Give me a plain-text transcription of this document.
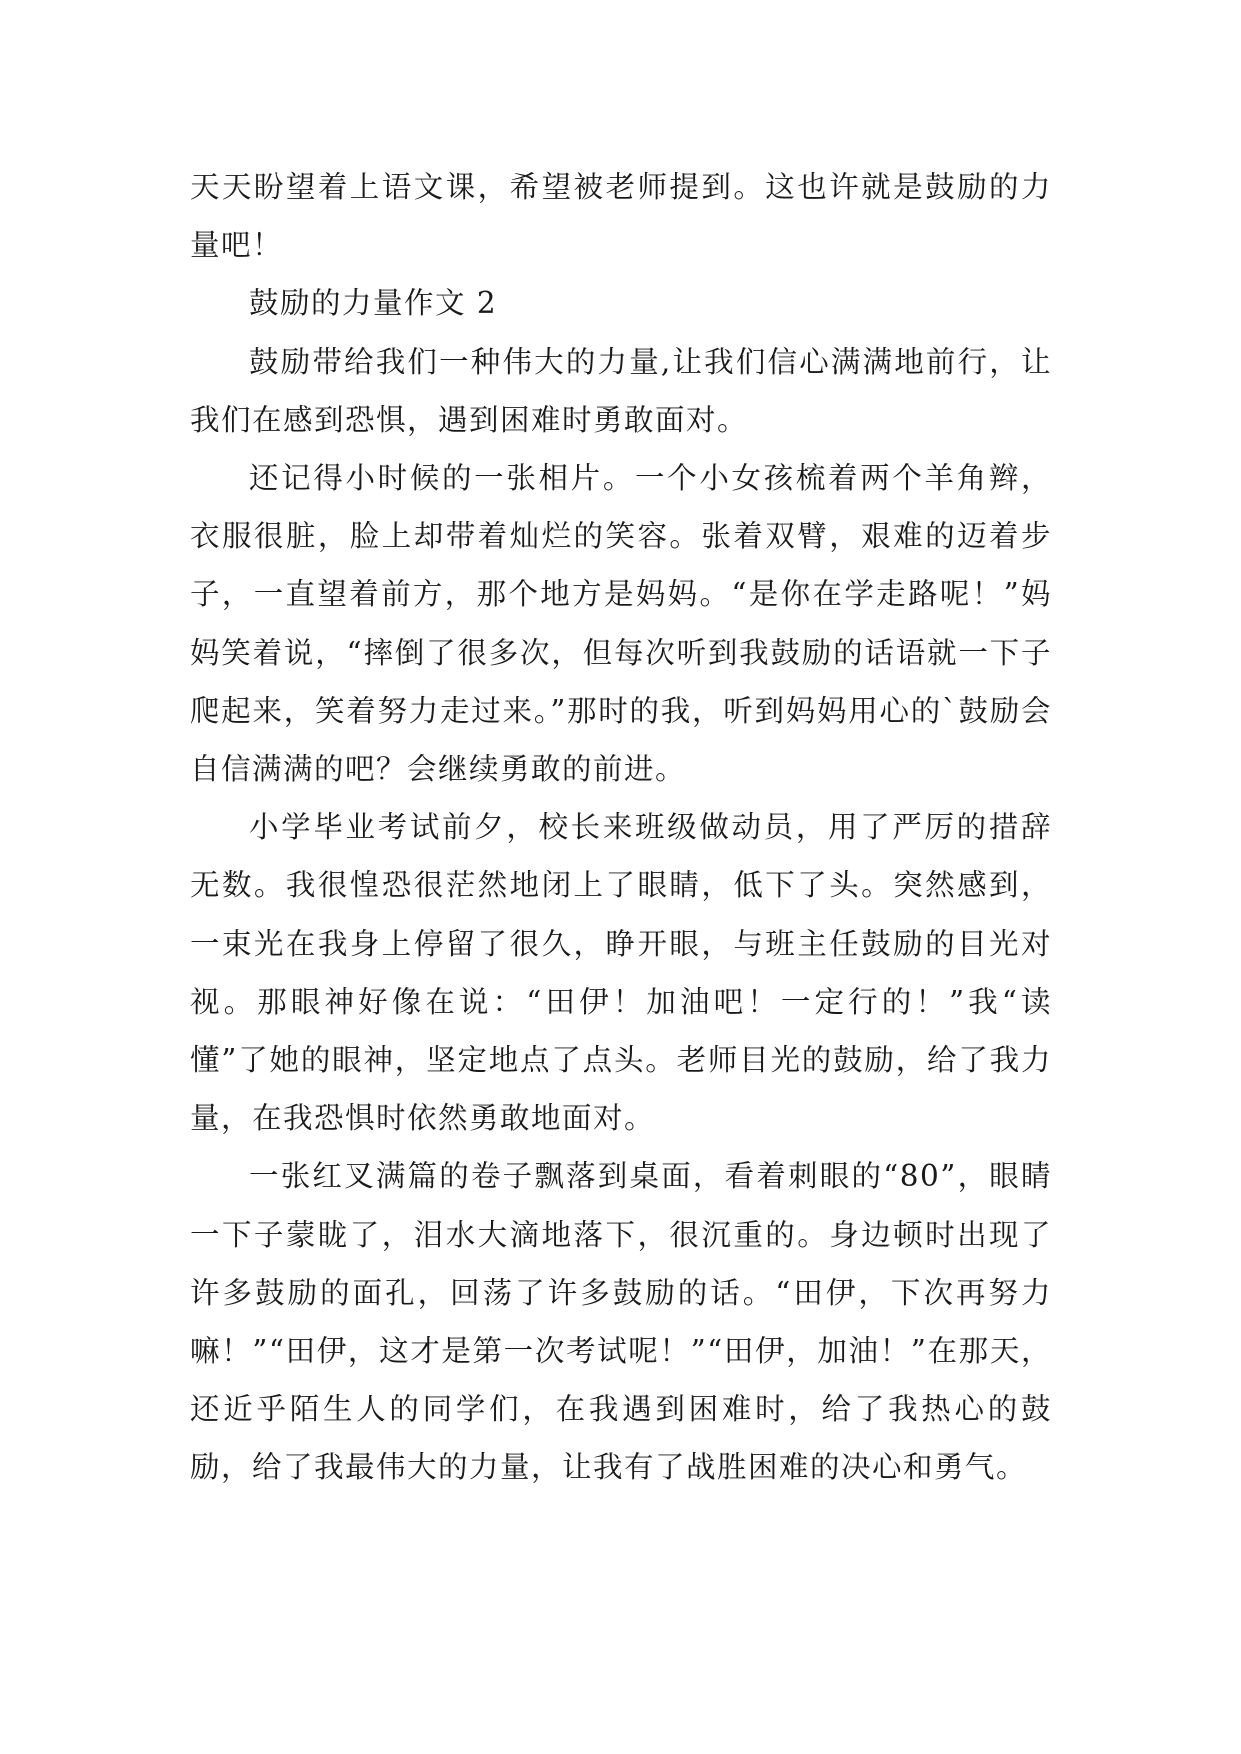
天天盼望着上语文课，希望被老师提到。这也许就是鼓励的力量吧！

鼓励的力量作文 2

鼓励带给我们一种伟大的力量,让我们信心满满地前行，让我们在感到恐惧，遇到困难时勇敢面对。

还记得小时候的一张相片。一个小女孩梳着两个羊角辫，衣服很脏，脸上却带着灿烂的笑容。张着双臂，艰难的迈着步子，一直望着前方，那个地方是妈妈。“是你在学走路呢！”妈妈笑着说，“摔倒了很多次，但每次听到我鼓励的话语就一下子爬起来，笑着努力走过来。”那时的我，听到妈妈用心的`鼓励会自信满满的吧？会继续勇敢的前进。

小学毕业考试前夕，校长来班级做动员，用了严厉的措辞无数。我很惶恐很茫然地闭上了眼睛，低下了头。突然感到，一束光在我身上停留了很久，睁开眼，与班主任鼓励的目光对视。那眼神好像在说：“田伊！加油吧！一定行的！”我“读懂”了她的眼神，坚定地点了点头。老师目光的鼓励，给了我力量，在我恐惧时依然勇敢地面对。

一张红叉满篇的卷子飘落到桌面，看着刺眼的“80”，眼睛一下子蒙眬了，泪水大滴地落下，很沉重的。身边顿时出现了许多鼓励的面孔，回荡了许多鼓励的话。“田伊，下次再努力嘛！”“田伊，这才是第一次考试呢！”“田伊，加油！”在那天，还近乎陌生人的同学们，在我遇到困难时，给了我热心的鼓励，给了我最伟大的力量，让我有了战胜困难的决心和勇气。
